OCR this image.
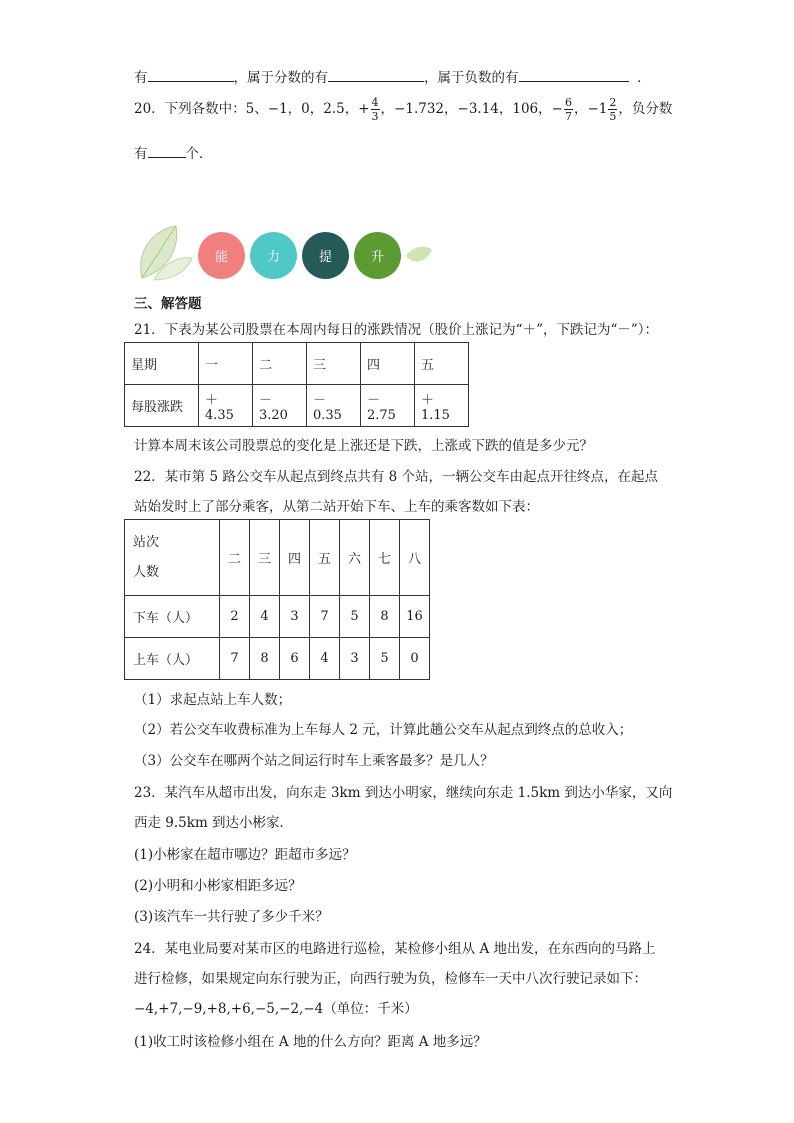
有	，属于分数的有	，属于负数的有	．
20．下列各数中：5、−1，0，2.5，+ $\frac{4}{3}$ ，−1.732，−3.14，106，− $\frac{6}{7}$ ，$-1 \frac{2}{5}$ ，负分数
有	个．
能	力	提	升
三、解答题
21．下表为某公司股票在本周内每日的涨跌情况（股价上涨记为“＋”，下跌记为“－”）：
星期	一	二	三	四	五
每股涨跌	＋4.35	－3.20	－0.35	－2.75	＋1.15
计算本周末该公司股票总的变化是上涨还是下跌，上涨或下跌的值是多少元？
22．某市第 5 路公交车从起点到终点共有 8 个站，一辆公交车由起点开往终点，在起点
站始发时上了部分乘客，从第二站开始下车、上车的乘客数如下表：
站次
人数	二	三	四	五	六	七	八
下车（人）	2	4	3	7	5	8	16
上车（人）	7	8	6	4	3	5	0
（1）求起点站上车人数；
（2）若公交车收费标准为上车每人 2 元，计算此趟公交车从起点到终点的总收入；
（3）公交车在哪两个站之间运行时车上乘客最多？是几人？
23．某汽车从超市出发，向东走 3km 到达小明家，继续向东走 1.5km 到达小华家，又向
西走 9.5km 到达小彬家．
(1)小彬家在超市哪边？距超市多远？
(2)小明和小彬家相距多远？
(3)该汽车一共行驶了多少千米？
24．某电业局要对某市区的电路进行巡检，某检修小组从 A 地出发，在东西向的马路上
进行检修，如果规定向东行驶为正，向西行驶为负，检修车一天中八次行驶记录如下：
−4,+7,−9,+8,+6,−5,−2,−4（单位：千米）
(1)收工时该检修小组在 A 地的什么方向？距离 A 地多远？
